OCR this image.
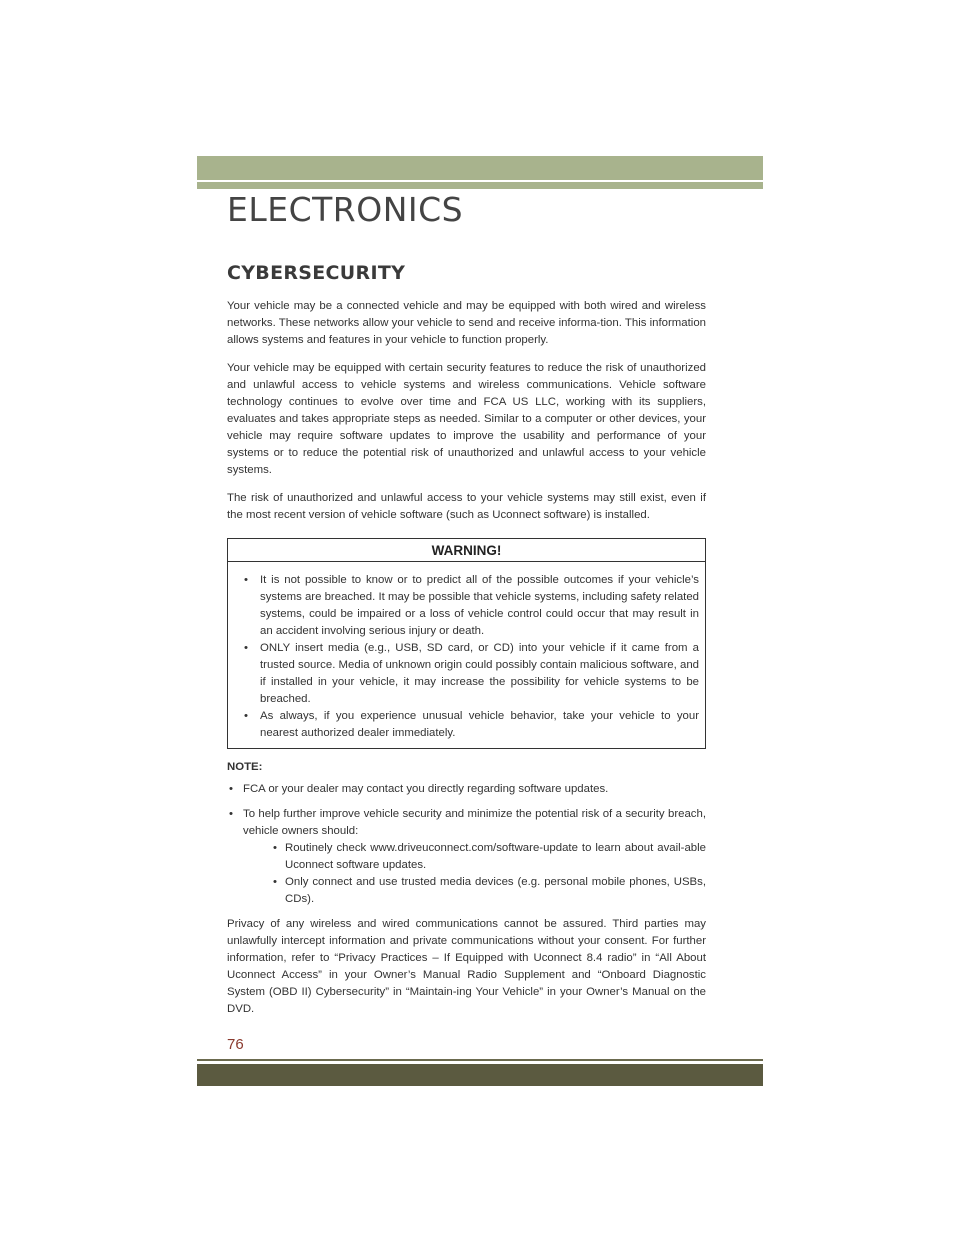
ELECTRONICS
CYBERSECURITY

Your vehicle may be a connected vehicle and may be equipped with both wired and wireless networks. These networks allow your vehicle to send and receive informa-tion. This information allows systems and features in your vehicle to function properly.

Your vehicle may be equipped with certain security features to reduce the risk of unauthorized and unlawful access to vehicle systems and wireless communications. Vehicle software technology continues to evolve over time and FCA US LLC, working with its suppliers, evaluates and takes appropriate steps as needed. Similar to a computer or other devices, your vehicle may require software updates to improve the usability and performance of your systems or to reduce the potential risk of unauthorized and unlawful access to your vehicle systems.

The risk of unauthorized and unlawful access to your vehicle systems may still exist, even if the most recent version of vehicle software (such as Uconnect software) is installed.

WARNING!
• It is not possible to know or to predict all of the possible outcomes if your vehicle’s systems are breached. It may be possible that vehicle systems, including safety related systems, could be impaired or a loss of vehicle control could occur that may result in an accident involving serious injury or death.
• ONLY insert media (e.g., USB, SD card, or CD) into your vehicle if it came from a trusted source. Media of unknown origin could possibly contain malicious software, and if installed in your vehicle, it may increase the possibility for vehicle systems to be breached.
• As always, if you experience unusual vehicle behavior, take your vehicle to your nearest authorized dealer immediately.
NOTE:
• FCA or your dealer may contact you directly regarding software updates.
• To help further improve vehicle security and minimize the potential risk of a security breach, vehicle owners should:
• Routinely check www.driveuconnect.com/software-update to learn about avail-able Uconnect software updates.
• Only connect and use trusted media devices (e.g. personal mobile phones, USBs, CDs).

Privacy of any wireless and wired communications cannot be assured. Third parties may unlawfully intercept information and private communications without your consent. For further information, refer to “Privacy Practices – If Equipped with Uconnect 8.4 radio” in “All About Uconnect Access” in your Owner’s Manual Radio Supplement and “Onboard Diagnostic System (OBD II) Cybersecurity” in “Maintain-ing Your Vehicle” in your Owner’s Manual on the DVD.

76
